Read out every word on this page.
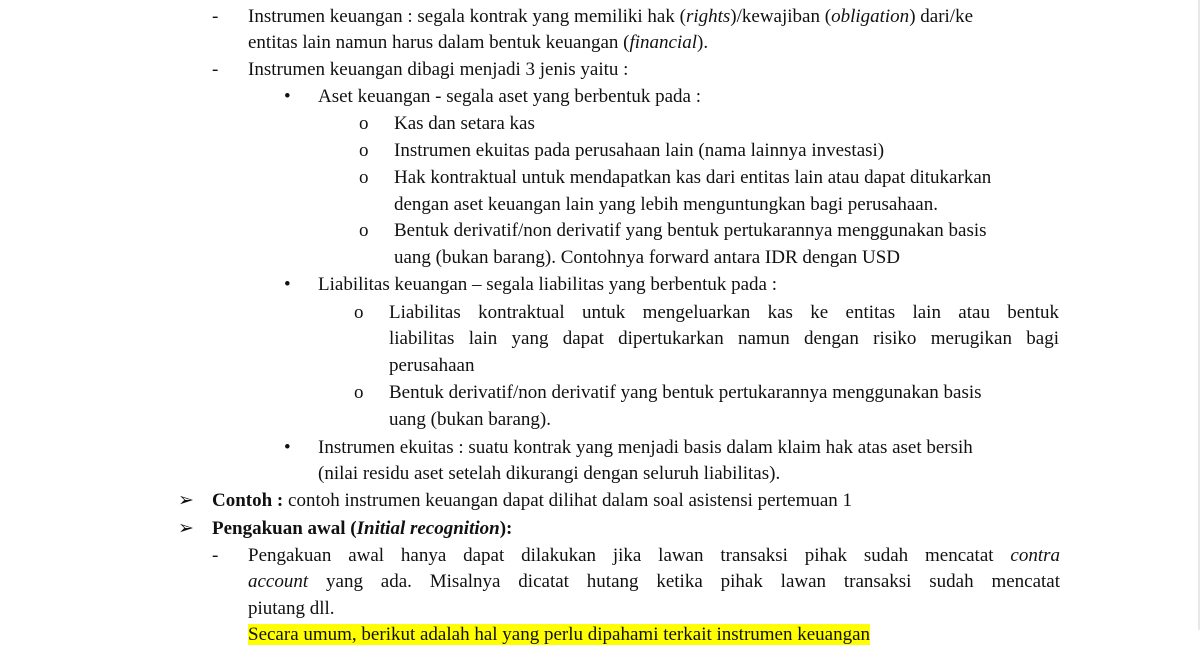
- Instrumen keuangan : segala kontrak yang memiliki hak (rights)/kewajiban (obligation) dari/ke
entitas lain namun harus dalam bentuk keuangan (financial).
- Instrumen keuangan dibagi menjadi 3 jenis yaitu :
• Aset keuangan - segala aset yang berbentuk pada :
o Kas dan setara kas
o Instrumen ekuitas pada perusahaan lain (nama lainnya investasi)
o Hak kontraktual untuk mendapatkan kas dari entitas lain atau dapat ditukarkan
dengan aset keuangan lain yang lebih menguntungkan bagi perusahaan.
o Bentuk derivatif/non derivatif yang bentuk pertukarannya menggunakan basis
uang (bukan barang). Contohnya forward antara IDR dengan USD
• Liabilitas keuangan – segala liabilitas yang berbentuk pada :
o Liabilitas kontraktual untuk mengeluarkan kas ke entitas lain atau bentuk
liabilitas lain yang dapat dipertukarkan namun dengan risiko merugikan bagi
perusahaan
o Bentuk derivatif/non derivatif yang bentuk pertukarannya menggunakan basis
uang (bukan barang).
• Instrumen ekuitas : suatu kontrak yang menjadi basis dalam klaim hak atas aset bersih
(nilai residu aset setelah dikurangi dengan seluruh liabilitas).
➢ Contoh : contoh instrumen keuangan dapat dilihat dalam soal asistensi pertemuan 1
➢ Pengakuan awal (Initial recognition):
- Pengakuan awal hanya dapat dilakukan jika lawan transaksi pihak sudah mencatat contra
account yang ada. Misalnya dicatat hutang ketika pihak lawan transaksi sudah mencatat
piutang dll.
Secara umum, berikut adalah hal yang perlu dipahami terkait instrumen keuangan
